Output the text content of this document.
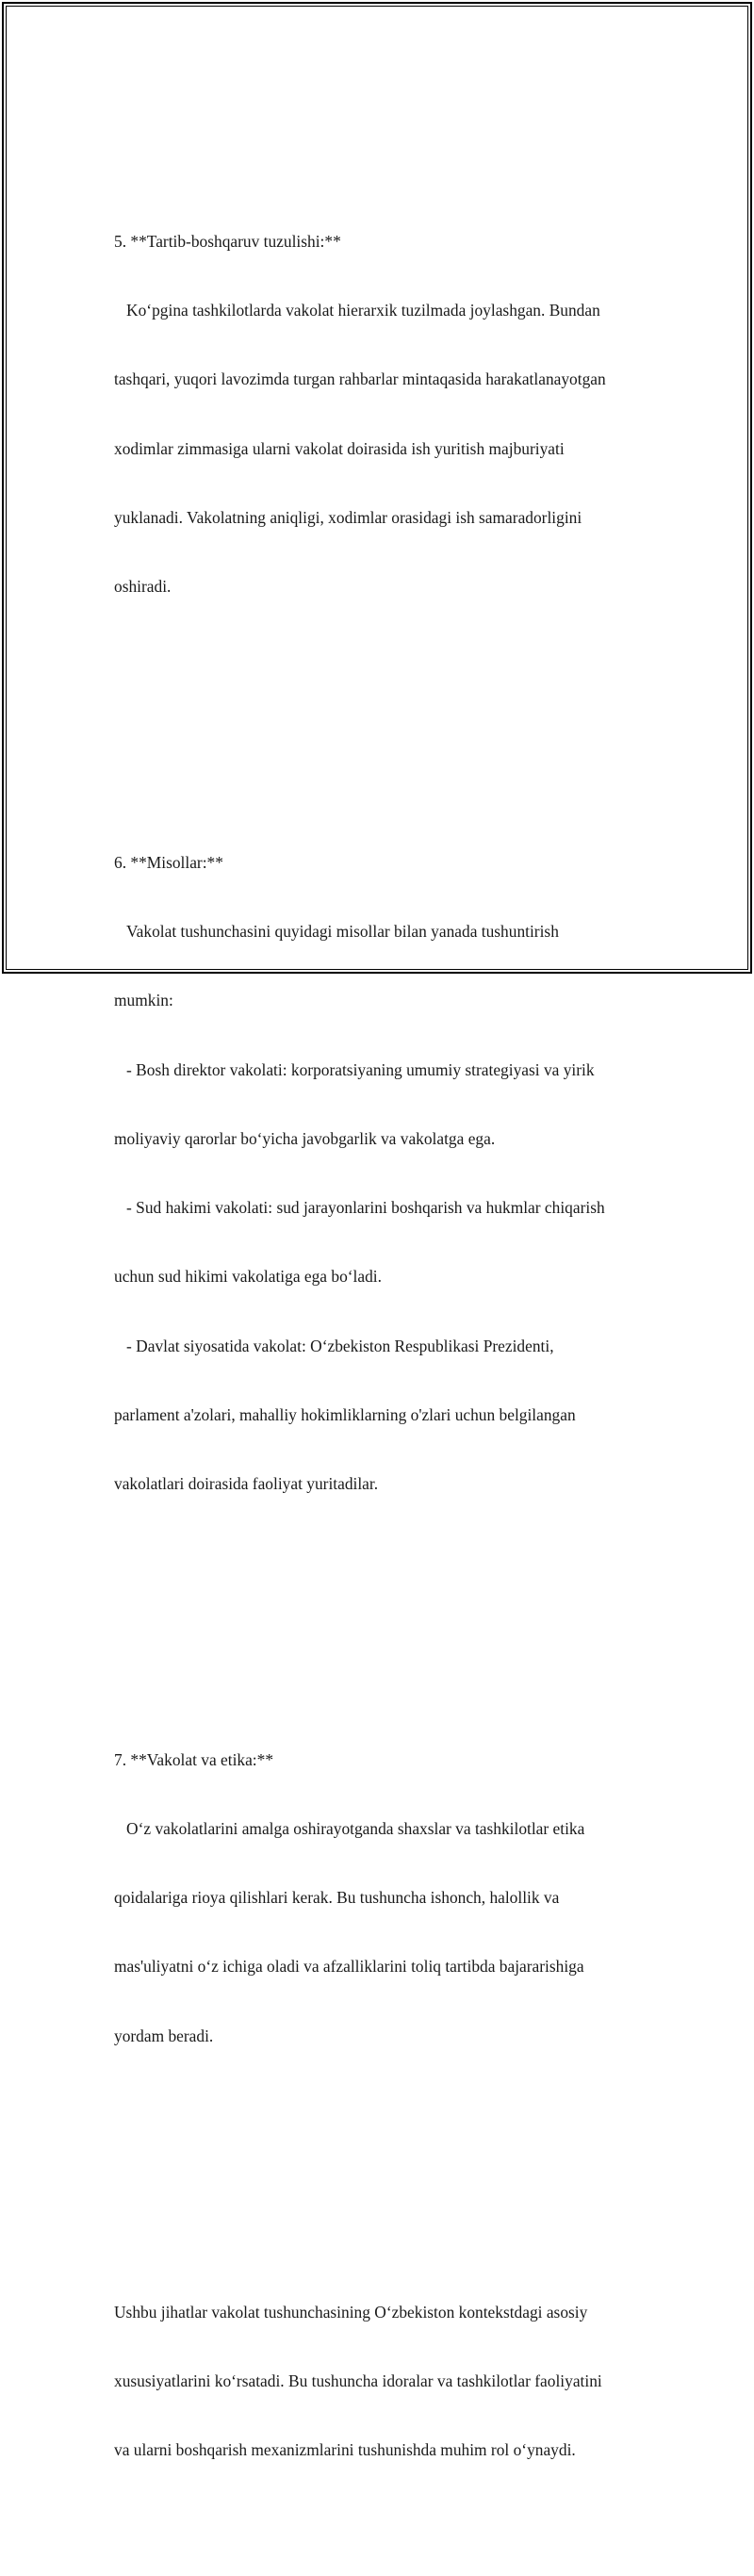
5. **Tartib-boshqaruv tuzulishi:**

Koʻpgina tashkilotlarda vakolat hierarxik tuzilmada joylashgan. Bundan

tashqari, yuqori lavozimda turgan rahbarlar mintaqasida harakatlanayotgan

xodimlar zimmasiga ularni vakolat doirasida ish yuritish majburiyati

yuklanadi. Vakolatning aniqligi, xodimlar orasidagi ish samaradorligini

oshiradi.

6. **Misollar:**

Vakolat tushunchasini quyidagi misollar bilan yanada tushuntirish

mumkin:

- Bosh direktor vakolati: korporatsiyaning umumiy strategiyasi va yirik

moliyaviy qarorlar boʻyicha javobgarlik va vakolatga ega.

- Sud hakimi vakolati: sud jarayonlarini boshqarish va hukmlar chiqarish

uchun sud hikimi vakolatiga ega boʻladi.

- Davlat siyosatida vakolat: Oʻzbekiston Respublikasi Prezidenti,

parlament a'zolari, mahalliy hokimliklarning o'zlari uchun belgilangan

vakolatlari doirasida faoliyat yuritadilar.

7. **Vakolat va etika:**

Oʻz vakolatlarini amalga oshirayotganda shaxslar va tashkilotlar etika

qoidalariga rioya qilishlari kerak. Bu tushuncha ishonch, halollik va

mas'uliyatni oʻz ichiga oladi va afzalliklarini toliq tartibda bajararishiga

yordam beradi.

Ushbu jihatlar vakolat tushunchasining Oʻzbekiston kontekstdagi asosiy

xususiyatlarini koʻrsatadi. Bu tushuncha idoralar va tashkilotlar faoliyatini

va ularni boshqarish mexanizmlarini tushunishda muhim rol oʻynaydi.
